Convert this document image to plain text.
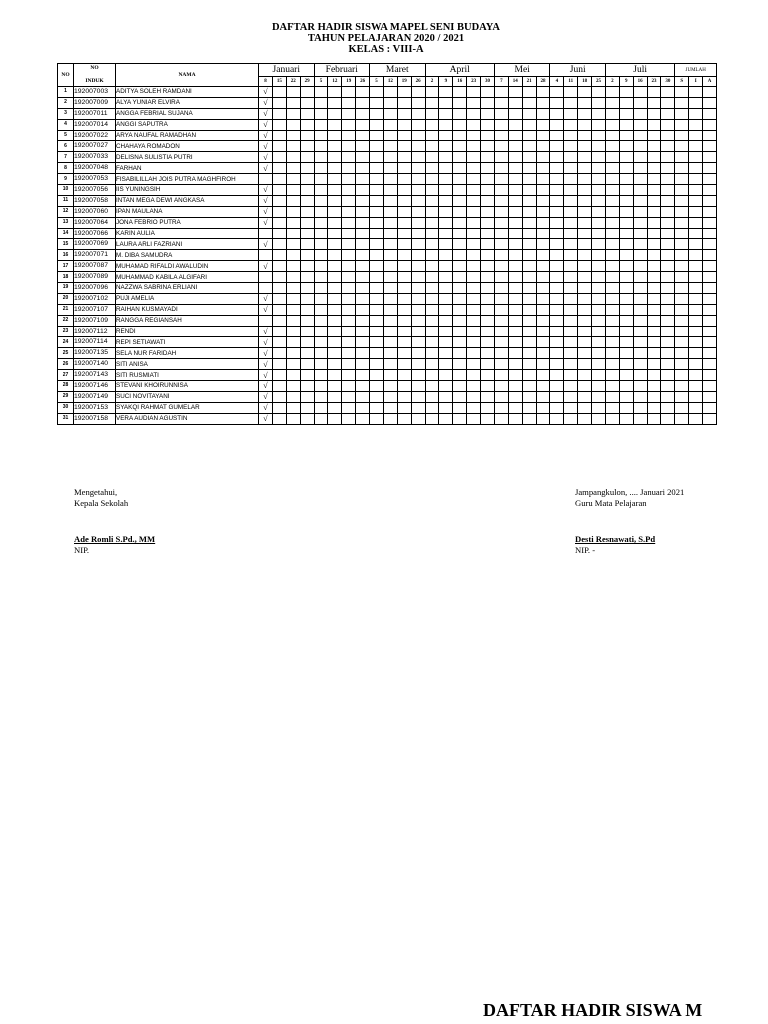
DAFTAR HADIR SISWA MAPEL SENI BUDAYA
TAHUN PELAJARAN 2020 / 2021
KELAS : VIII-A
NO	NO
INDUK	NAMA	Januari				Februari				Maret				April					Mei				Juni				Juli					JUMLAH		
			8	15	22	29	5	12	19	26	5	12	19	26	2	9	16	23	30	7	14	21	28	4	11	18	25	2	9	16	23	30	S	I	A
1	192007003	ADITYA SOLEH RAMDANI	√																																
2	192007009	ALYA YUNIAR ELVIRA	√																																
3	192007011	ANGGA FEBRIAL SUJANA	√																																
4	192007014	ANGGI SAPUTRA	√																																
5	192007022	ARYA NAUFAL RAMADHAN	√																																
6	192007027	CHAHAYA ROMADON	√																																
7	192007033	DELISNA SULISTIA PUTRI	√																																
8	192007048	FARHAN	√																																
9	192007053	FISABILILLAH JOIS PUTRA MAGHFIROH																																	
10	192007056	IIS YUNINGSIH	√																																
11	192007058	INTAN MEGA DEWI ANGKASA	√																																
12	192007060	IPAN MAULANA	√																																
13	192007064	JONA FEBRIO PUTRA	√																																
14	192007066	KARIN AULIA																																	
15	192007069	LAURA ARLI FAZRIANI	√																																
16	192007071	M. DIBA SAMUDRA																																	
17	192007087	MUHAMAD RIFALDI AWALUDIN	√																																
18	192007089	MUHAMMAD KABILA ALGIFARI																																	
19	192007096	NAZZWA SABRINA ERLIANI																																	
20	192007102	PUJI AMELIA	√																																
21	192007107	RAIHAN KUSMAYADI	√																																
22	192007109	RANGGA REGIANSAH																																	
23	192007112	RENDI	√																																
24	192007114	REPI SETIAWATI	√																																
25	192007135	SELA NUR FARIDAH	√																																
26	192007140	SITI ANISA	√																																
27	192007143	SITI RUSMIATI	√																																
28	192007146	STEVANI KHOIRUNNISA	√																																
29	192007149	SUCI NOVITAYANI	√																																
30	192007153	SYAKQI RAHMAT GUMELAR	√																																
31	192007158	VERA AUDIAN AGUSTIN	√																																
Mengetahui,
Kepala Sekolah
Ade Romli S.Pd., MM
NIP.
Jampangkulon, .... Januari 2021
Guru Mata Pelajaran
Desti Resnawati, S.Pd
NIP. -
DAFTAR HADIR SISWA M
